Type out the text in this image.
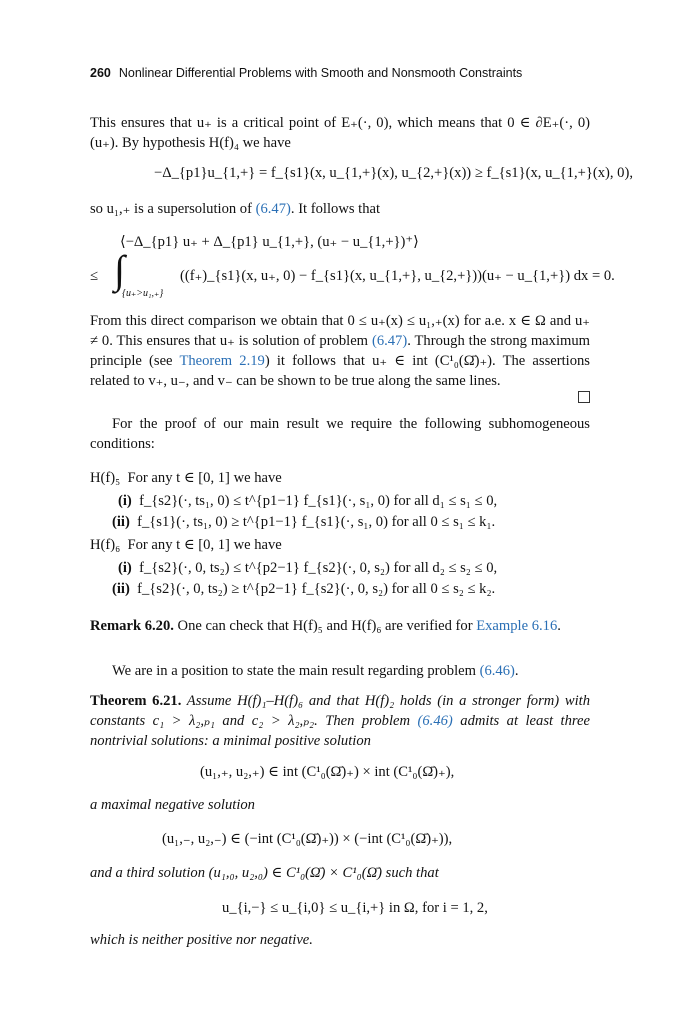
260 Nonlinear Differential Problems with Smooth and Nonsmooth Constraints
This ensures that u₊ is a critical point of E₊(·, 0), which means that 0 ∈ ∂E₊(·, 0)(u₊). By hypothesis H(f)₄ we have
−Δ_{p1}u_{1,+} = f_{s1}(x, u_{1,+}(x), u_{2,+}(x)) ≥ f_{s1}(x, u_{1,+}(x), 0),
so u₁,₊ is a supersolution of (6.47). It follows that
⟨−Δ_{p1} u₊ + Δ_{p1} u_{1,+}, (u₊ − u_{1,+})⁺⟩
≤ ∫
{u₊>u₁,₊}
((f₊)_{s1}(x, u₊, 0) − f_{s1}(x, u_{1,+}, u_{2,+}))(u₊ − u_{1,+}) dx = 0.
From this direct comparison we obtain that 0 ≤ u₊(x) ≤ u₁,₊(x) for a.e. x ∈ Ω and u₊ ≠ 0. This ensures that u₊ is solution of problem (6.47). Through the strong maximum principle (see Theorem 2.19) it follows that u₊ ∈ int (C¹₀(Ω̄)₊). The assertions related to v₊, u₋, and v₋ can be shown to be true along the same lines.
For the proof of our main result we require the following subhomogeneous conditions:
H(f)₅ For any t ∈ [0, 1] we have
(i) f_{s2}(·, ts₁, 0) ≤ t^{p1−1} f_{s1}(·, s₁, 0) for all d₁ ≤ s₁ ≤ 0,
(ii) f_{s1}(·, ts₁, 0) ≥ t^{p1−1} f_{s1}(·, s₁, 0) for all 0 ≤ s₁ ≤ k₁.
H(f)₆ For any t ∈ [0, 1] we have
(i) f_{s2}(·, 0, ts₂) ≤ t^{p2−1} f_{s2}(·, 0, s₂) for all d₂ ≤ s₂ ≤ 0,
(ii) f_{s2}(·, 0, ts₂) ≥ t^{p2−1} f_{s2}(·, 0, s₂) for all 0 ≤ s₂ ≤ k₂.
Remark 6.20. One can check that H(f)₅ and H(f)₆ are verified for Example 6.16.
We are in a position to state the main result regarding problem (6.46).
Theorem 6.21. Assume H(f)₁–H(f)₆ and that H(f)₂ holds (in a stronger form) with constants c₁ > λ₂,ₚ₁ and c₂ > λ₂,ₚ₂. Then problem (6.46) admits at least three nontrivial solutions: a minimal positive solution
(u₁,₊, u₂,₊) ∈ int (C¹₀(Ω̄)₊) × int (C¹₀(Ω̄)₊),
a maximal negative solution
(u₁,₋, u₂,₋) ∈ (−int (C¹₀(Ω̄)₊)) × (−int (C¹₀(Ω̄)₊)),
and a third solution (u₁,₀, u₂,₀) ∈ C¹₀(Ω̄) × C¹₀(Ω̄) such that
u_{i,−} ≤ u_{i,0} ≤ u_{i,+} in Ω, for i = 1, 2,
which is neither positive nor negative.
